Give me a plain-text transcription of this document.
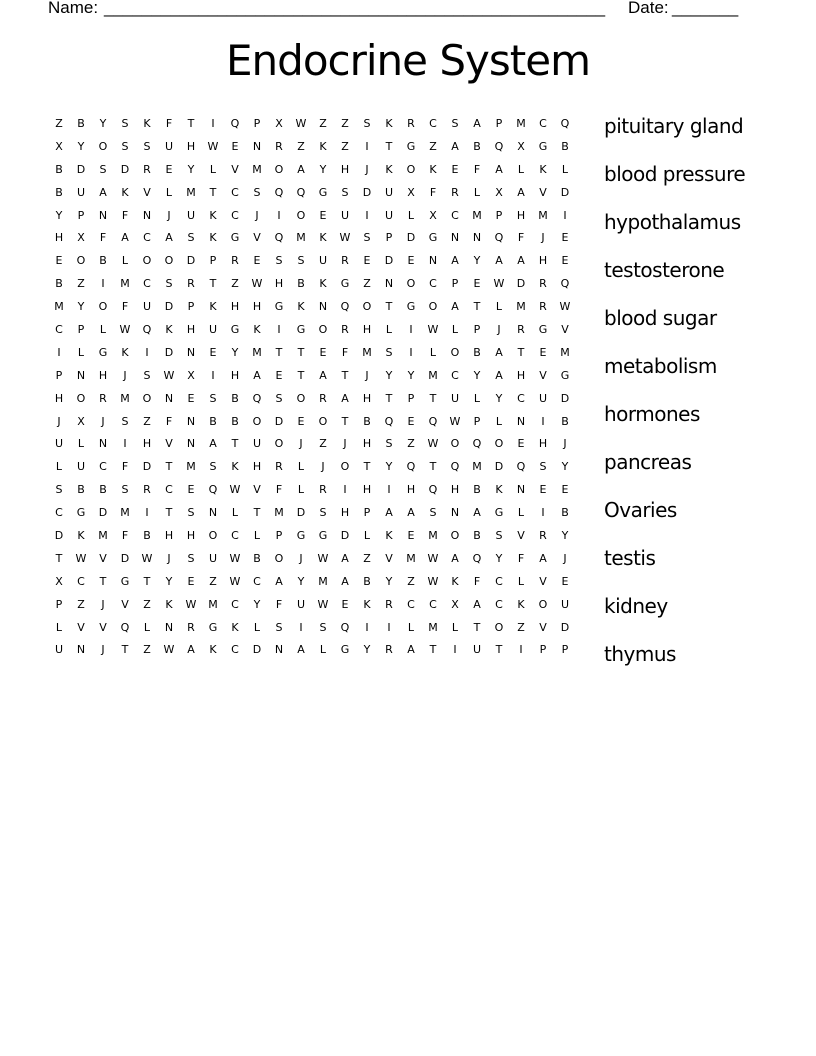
Name: _____________________________________________________ Date: _______
Endocrine System
Z	B	Y	S	K	F	T	I	Q	P	X	W	Z	Z	S	K	R	C	S	A	P	M	C	Q
X	Y	O	S	S	U	H	W	E	N	R	Z	K	Z	I	T	G	Z	A	B	Q	X	G	B
B	D	S	D	R	E	Y	L	V	M	O	A	Y	H	J	K	O	K	E	F	A	L	K	L
B	U	A	K	V	L	M	T	C	S	Q	Q	G	S	D	U	X	F	R	L	X	A	V	D
Y	P	N	F	N	J	U	K	C	J	I	O	E	U	I	U	L	X	C	M	P	H	M	I
H	X	F	A	C	A	S	K	G	V	Q	M	K	W	S	P	D	G	N	N	Q	F	J	E
E	O	B	L	O	O	D	P	R	E	S	S	U	R	E	D	E	N	A	Y	A	A	H	E
B	Z	I	M	C	S	R	T	Z	W	H	B	K	G	Z	N	O	C	P	E	W	D	R	Q
M	Y	O	F	U	D	P	K	H	H	G	K	N	Q	O	T	G	O	A	T	L	M	R	W
C	P	L	W	Q	K	H	U	G	K	I	G	O	R	H	L	I	W	L	P	J	R	G	V
I	L	G	K	I	D	N	E	Y	M	T	T	E	F	M	S	I	L	O	B	A	T	E	M
P	N	H	J	S	W	X	I	H	A	E	T	A	T	J	Y	Y	M	C	Y	A	H	V	G
H	O	R	M	O	N	E	S	B	Q	S	O	R	A	H	T	P	T	U	L	Y	C	U	D
J	X	J	S	Z	F	N	B	B	O	D	E	O	T	B	Q	E	Q	W	P	L	N	I	B
U	L	N	I	H	V	N	A	T	U	O	J	Z	J	H	S	Z	W	O	Q	O	E	H	J
L	U	C	F	D	T	M	S	K	H	R	L	J	O	T	Y	Q	T	Q	M	D	Q	S	Y
S	B	B	S	R	C	E	Q	W	V	F	L	R	I	H	I	H	Q	H	B	K	N	E	E
C	G	D	M	I	T	S	N	L	T	M	D	S	H	P	A	A	S	N	A	G	L	I	B
D	K	M	F	B	H	H	O	C	L	P	G	G	D	L	K	E	M	O	B	S	V	R	Y
T	W	V	D	W	J	S	U	W	B	O	J	W	A	Z	V	M	W	A	Q	Y	F	A	J
X	C	T	G	T	Y	E	Z	W	C	A	Y	M	A	B	Y	Z	W	K	F	C	L	V	E
P	Z	J	V	Z	K	W	M	C	Y	F	U	W	E	K	R	C	C	X	A	C	K	O	U
L	V	V	Q	L	N	R	G	K	L	S	I	S	Q	I	I	L	M	L	T	O	Z	V	D
U	N	J	T	Z	W	A	K	C	D	N	A	L	G	Y	R	A	T	I	U	T	I	P	P
pituitary gland
blood pressure
hypothalamus
testosterone
blood sugar
metabolism
hormones
pancreas
Ovaries
testis
kidney
thymus
